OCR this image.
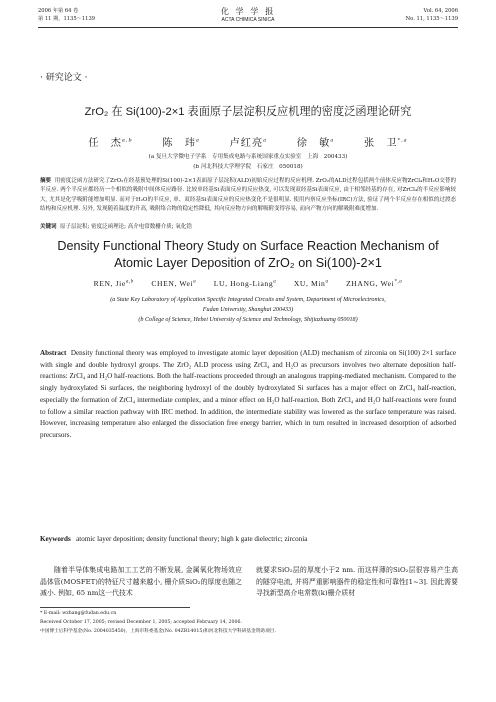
2006 年第 64 卷
第 11 期，1135～1139
化 学 学 报
ACTA CHIMICA SINICA
Vol. 64, 2006
No. 11, 1135～1139
· 研究论文 ·
ZrO₂ 在 Si(100)-2×1 表面原子层淀积反应机理的密度泛函理论研究
任　杰$^{a,b}$	陈　玮$^a$	卢红亮$^a$	徐　敏$^a$	张　卫$^{*,a}$
(a 复旦大学微电子学系　专用集成电路与系统国家重点实验室　上海　200433)
(b 河北科技大学理学院　石家庄　050018)
摘要 用密度泛函方法研究了ZrO₂在经基预处理的Si(100)-2×1表面原子层淀积(ALD)初始反应过程的反应机理. ZrO₂的ALD过程包括两个前体反应物ZrCl₄和H₂O交替的半反应. 两个半反应都经历一个相似的吸附中间体反应路径. 比较单经基Si表面反应的反应热变, 可以发现双经基Si表面反应, 由于相邻经基的存在, 对ZrCl₄的半反应影响较大, 尤其是化学吸附能增加明显. 而对于H₂O的半反应, 单、双经基Si表面反应的反应热变化不是很明显. 使用内禀反应坐标(IRC)方法, 验证了两个半反应存在相似的过渡态结构和反应机理. 另外, 发现随着温度的升高, 吸附络合物的稳定性降低, 其向反应物方向的解吸附变得容易, 而向产物方向的解吸附难度增加.
关键词 原子层淀积; 密度泛函理论; 高介电常数栅介质; 氧化锆
Density Functional Theory Study on Surface Reaction Mechanism of
Atomic Layer Deposition of ZrO₂ on Si(100)-2×1
REN, Jie$^{a,b}$ CHEN, Wei$^a$ LU, Hong-Liang$^a$ XU, Min$^a$ ZHANG, Wei$^{*,a}$
(a State Key Laboratory of Application Specific Integrated Circuits and System, Department of Microelectronics,
Fudan University, Shanghai 200433)
(b College of Science, Hebei University of Science and Technology, Shijiazhuang 050018)
Abstract Density functional theory was employed to investigate atomic layer deposition (ALD) mechanism of zirconia on Si(100) 2×1 surface with single and double hydroxyl groups. The ZrO₂ ALD process using ZrCl₄ and H₂O as precursors involves two alternate deposition half-reactions: ZrCl₄ and H₂O half-reactions. Both the half-reactions proceeded through an analogous trapping-mediated mechanism. Compared to the singly hydroxylated Si surfaces, the neighboring hydroxyl of the doubly hydroxylated Si surfaces has a major effect on ZrCl₄ half-reaction, especially the formation of ZrCl₄ intermediate complex, and a minor effect on H₂O half-reaction. Both ZrCl₄ and H₂O half-reactions were found to follow a similar reaction pathway with IRC method. In addition, the intermediate stability was lowered as the surface temperature was raised. However, increasing temperature also enlarged the dissociation free energy barrier, which in turn resulted in increased desorption of adsorbed precursors.
Keywords atomic layer deposition; density functional theory; high k gate dielectric; zirconia
随着半导体集成电路加工工艺的不断发展, 金属氧化物场效应晶体管(MOSFET)的特征尺寸越来越小, 栅介质SiO₂的厚度也随之减小. 例如, 65 nm这一代技术
就要求SiO₂层的厚度小于2 nm. 而这样薄的SiO₂层很容易产生高的隧穿电流, 并将严重影响器件的稳定性和可靠性[1~3]. 因此需要寻找新型高介电常数(k)栅介质材
* E-mail: wzhang@fudan.edu.cn
Received October 17, 2005; revised December 1, 2005; accepted February 14, 2006.
中国博士后科学基金(No. 2004035450)、上海市科委基金(No. 04ZR14015)和河北科技大学科研基金资助项目.
